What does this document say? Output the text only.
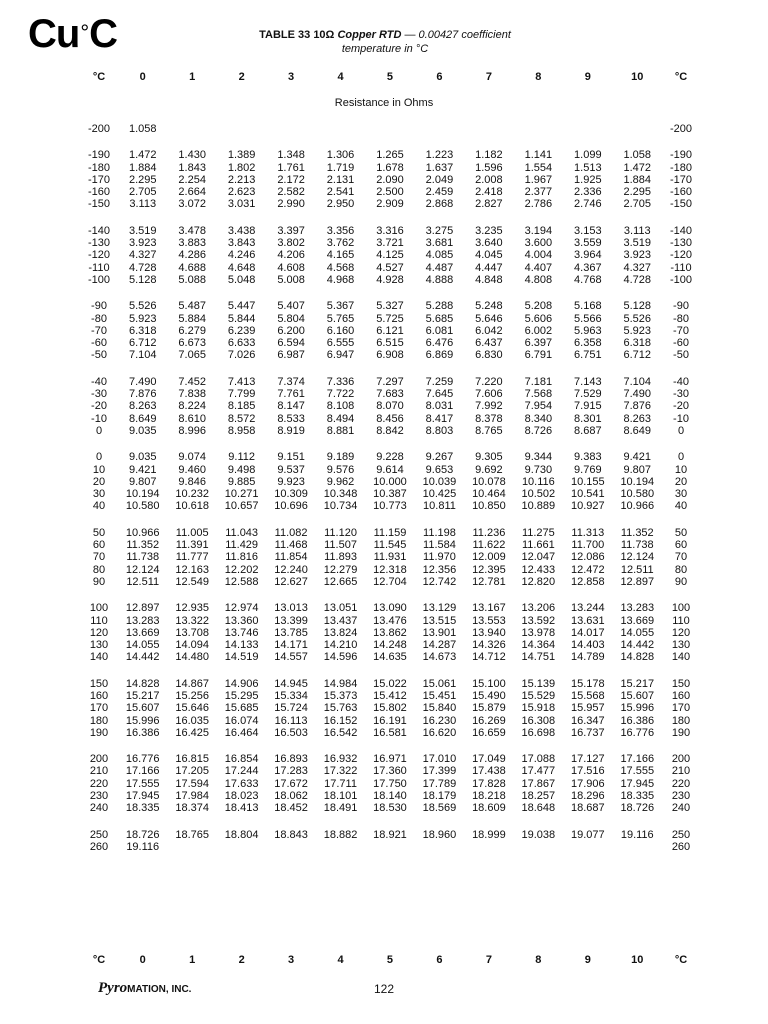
Cu°C	TABLE 33 10Ω Copper RTD — 0.00427 coefficient
temperature in °C
°C	0	1	2	3	4	5	6	7	8	9	10	°C
Resistance in Ohms
-200	1.058											-200

-190	1.472	1.430	1.389	1.348	1.306	1.265	1.223	1.182	1.141	1.099	1.058	-190
-180	1.884	1.843	1.802	1.761	1.719	1.678	1.637	1.596	1.554	1.513	1.472	-180
-170	2.295	2.254	2.213	2.172	2.131	2.090	2.049	2.008	1.967	1.925	1.884	-170
-160	2.705	2.664	2.623	2.582	2.541	2.500	2.459	2.418	2.377	2.336	2.295	-160
-150	3.113	3.072	3.031	2.990	2.950	2.909	2.868	2.827	2.786	2.746	2.705	-150

-140	3.519	3.478	3.438	3.397	3.356	3.316	3.275	3.235	3.194	3.153	3.113	-140
-130	3.923	3.883	3.843	3.802	3.762	3.721	3.681	3.640	3.600	3.559	3.519	-130
-120	4.327	4.286	4.246	4.206	4.165	4.125	4.085	4.045	4.004	3.964	3.923	-120
-110	4.728	4.688	4.648	4.608	4.568	4.527	4.487	4.447	4.407	4.367	4.327	-110
-100	5.128	5.088	5.048	5.008	4.968	4.928	4.888	4.848	4.808	4.768	4.728	-100

-90	5.526	5.487	5.447	5.407	5.367	5.327	5.288	5.248	5.208	5.168	5.128	-90
-80	5.923	5.884	5.844	5.804	5.765	5.725	5.685	5.646	5.606	5.566	5.526	-80
-70	6.318	6.279	6.239	6.200	6.160	6.121	6.081	6.042	6.002	5.963	5.923	-70
-60	6.712	6.673	6.633	6.594	6.555	6.515	6.476	6.437	6.397	6.358	6.318	-60
-50	7.104	7.065	7.026	6.987	6.947	6.908	6.869	6.830	6.791	6.751	6.712	-50

-40	7.490	7.452	7.413	7.374	7.336	7.297	7.259	7.220	7.181	7.143	7.104	-40
-30	7.876	7.838	7.799	7.761	7.722	7.683	7.645	7.606	7.568	7.529	7.490	-30
-20	8.263	8.224	8.185	8.147	8.108	8.070	8.031	7.992	7.954	7.915	7.876	-20
-10	8.649	8.610	8.572	8.533	8.494	8.456	8.417	8.378	8.340	8.301	8.263	-10
0	9.035	8.996	8.958	8.919	8.881	8.842	8.803	8.765	8.726	8.687	8.649	0

0	9.035	9.074	9.112	9.151	9.189	9.228	9.267	9.305	9.344	9.383	9.421	0
10	9.421	9.460	9.498	9.537	9.576	9.614	9.653	9.692	9.730	9.769	9.807	10
20	9.807	9.846	9.885	9.923	9.962	10.000	10.039	10.078	10.116	10.155	10.194	20
30	10.194	10.232	10.271	10.309	10.348	10.387	10.425	10.464	10.502	10.541	10.580	30
40	10.580	10.618	10.657	10.696	10.734	10.773	10.811	10.850	10.889	10.927	10.966	40

50	10.966	11.005	11.043	11.082	11.120	11.159	11.198	11.236	11.275	11.313	11.352	50
60	11.352	11.391	11.429	11.468	11.507	11.545	11.584	11.622	11.661	11.700	11.738	60
70	11.738	11.777	11.816	11.854	11.893	11.931	11.970	12.009	12.047	12.086	12.124	70
80	12.124	12.163	12.202	12.240	12.279	12.318	12.356	12.395	12.433	12.472	12.511	80
90	12.511	12.549	12.588	12.627	12.665	12.704	12.742	12.781	12.820	12.858	12.897	90

100	12.897	12.935	12.974	13.013	13.051	13.090	13.129	13.167	13.206	13.244	13.283	100
110	13.283	13.322	13.360	13.399	13.437	13.476	13.515	13.553	13.592	13.631	13.669	110
120	13.669	13.708	13.746	13.785	13.824	13.862	13.901	13.940	13.978	14.017	14.055	120
130	14.055	14.094	14.133	14.171	14.210	14.248	14.287	14.326	14.364	14.403	14.442	130
140	14.442	14.480	14.519	14.557	14.596	14.635	14.673	14.712	14.751	14.789	14.828	140

150	14.828	14.867	14.906	14.945	14.984	15.022	15.061	15.100	15.139	15.178	15.217	150
160	15.217	15.256	15.295	15.334	15.373	15.412	15.451	15.490	15.529	15.568	15.607	160
170	15.607	15.646	15.685	15.724	15.763	15.802	15.840	15.879	15.918	15.957	15.996	170
180	15.996	16.035	16.074	16.113	16.152	16.191	16.230	16.269	16.308	16.347	16.386	180
190	16.386	16.425	16.464	16.503	16.542	16.581	16.620	16.659	16.698	16.737	16.776	190

200	16.776	16.815	16.854	16.893	16.932	16.971	17.010	17.049	17.088	17.127	17.166	200
210	17.166	17.205	17.244	17.283	17.322	17.360	17.399	17.438	17.477	17.516	17.555	210
220	17.555	17.594	17.633	17.672	17.711	17.750	17.789	17.828	17.867	17.906	17.945	220
230	17.945	17.984	18.023	18.062	18.101	18.140	18.179	18.218	18.257	18.296	18.335	230
240	18.335	18.374	18.413	18.452	18.491	18.530	18.569	18.609	18.648	18.687	18.726	240

250	18.726	18.765	18.804	18.843	18.882	18.921	18.960	18.999	19.038	19.077	19.116	250
260	19.116											260
°C	0	1	2	3	4	5	6	7	8	9	10	°C
PyroMATION, INC.	122
